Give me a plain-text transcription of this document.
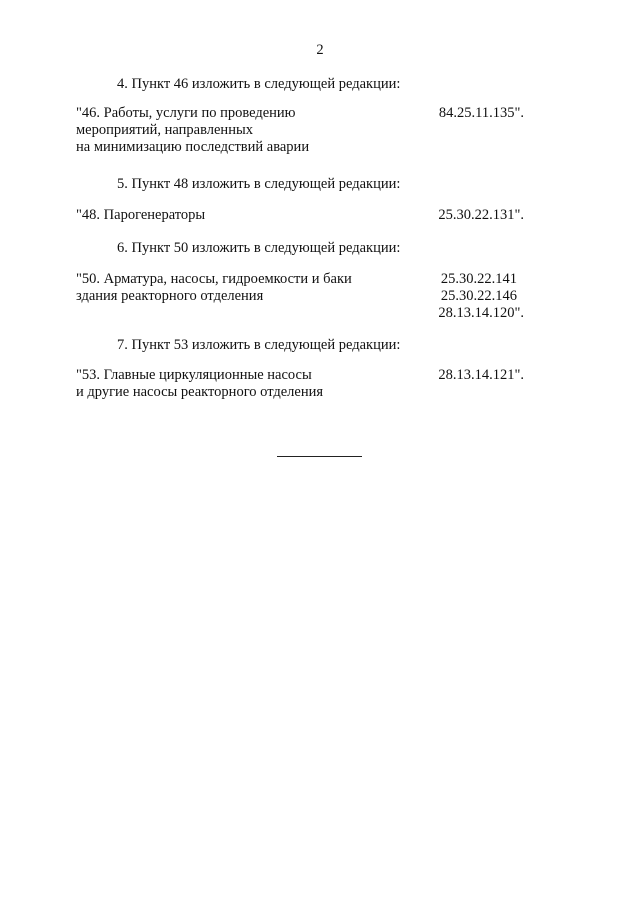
2
4. Пункт 46 изложить в следующей редакции:
"46. Работы, услуги по проведению
мероприятий, направленных
на минимизацию последствий аварии
84.25.11.135".
5. Пункт 48 изложить в следующей редакции:
"48. Парогенераторы	25.30.22.131".
6. Пункт 50 изложить в следующей редакции:
"50. Арматура, насосы, гидроемкости и баки
здания реакторного отделения
25.30.22.141
25.30.22.146
28.13.14.120".
7. Пункт 53 изложить в следующей редакции:
"53. Главные циркуляционные насосы
и другие насосы реакторного отделения
28.13.14.121".
